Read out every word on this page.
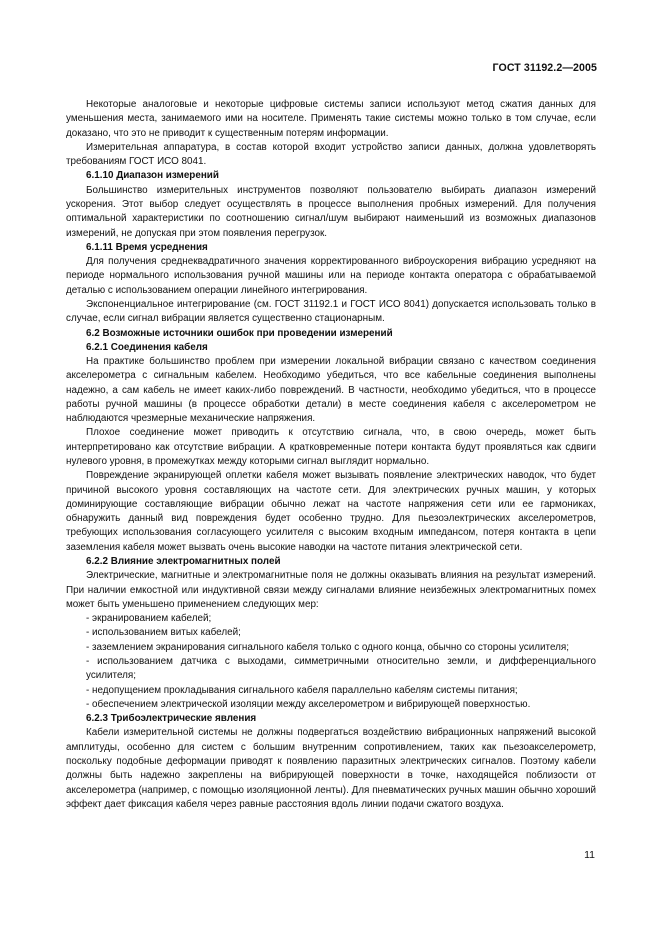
ГОСТ 31192.2—2005

Некоторые аналоговые и некоторые цифровые системы записи используют метод сжатия данных для уменьшения места, занимаемого ими на носителе. Применять такие системы можно только в том случае, если доказано, что это не приводит к существенным потерям информации.

Измерительная аппаратура, в состав которой входит устройство записи данных, должна удовлетворять требованиям ГОСТ ИСО 8041.

6.1.10 Диапазон измерений

Большинство измерительных инструментов позволяют пользователю выбирать диапазон измерений ускорения. Этот выбор следует осуществлять в процессе выполнения пробных измерений. Для получения оптимальной характеристики по соотношению сигнал/шум выбирают наименьший из возможных диапазонов измерений, не допуская при этом появления перегрузок.

6.1.11 Время усреднения

Для получения среднеквадратичного значения корректированного виброускорения вибрацию усредняют на периоде нормального использования ручной машины или на периоде контакта оператора с обрабатываемой деталью с использованием операции линейного интегрирования.

Экспоненциальное интегрирование (см. ГОСТ 31192.1 и ГОСТ ИСО 8041) допускается использовать только в случае, если сигнал вибрации является существенно стационарным.

6.2 Возможные источники ошибок при проведении измерений

6.2.1 Соединения кабеля

На практике большинство проблем при измерении локальной вибрации связано с качеством соединения акселерометра с сигнальным кабелем. Необходимо убедиться, что все кабельные соединения выполнены надежно, а сам кабель не имеет каких-либо повреждений. В частности, необходимо убедиться, что в процессе работы ручной машины (в процессе обработки детали) в месте соединения кабеля с акселерометром не наблюдаются чрезмерные механические напряжения.

Плохое соединение может приводить к отсутствию сигнала, что, в свою очередь, может быть интерпретировано как отсутствие вибрации. А кратковременные потери контакта будут проявляться как сдвиги нулевого уровня, в промежутках между которыми сигнал выглядит нормально.

Повреждение экранирующей оплетки кабеля может вызывать появление электрических наводок, что будет причиной высокого уровня составляющих на частоте сети. Для электрических ручных машин, у которых доминирующие составляющие вибрации обычно лежат на частоте напряжения сети или ее гармониках, обнаружить данный вид повреждения будет особенно трудно. Для пьезоэлектрических акселерометров, требующих использования согласующего усилителя с высоким входным импедансом, потеря контакта в цепи заземления кабеля может вызвать очень высокие наводки на частоте питания электрической сети.

6.2.2 Влияние электромагнитных полей

Электрические, магнитные и электромагнитные поля не должны оказывать влияния на результат измерений. При наличии емкостной или индуктивной связи между сигналами влияние неизбежных электромагнитных помех может быть уменьшено применением следующих мер:

- экранированием кабелей;

- использованием витых кабелей;

- заземлением экранирования сигнального кабеля только с одного конца, обычно со стороны усилителя;

- использованием датчика с выходами, симметричными относительно земли, и дифференциального усилителя;

- недопущением прокладывания сигнального кабеля параллельно кабелям системы питания;

- обеспечением электрической изоляции между акселерометром и вибрирующей поверхностью.

6.2.3 Трибоэлектрические явления

Кабели измерительной системы не должны подвергаться воздействию вибрационных напряжений высокой амплитуды, особенно для систем с большим внутренним сопротивлением, таких как пьезоакселерометр, поскольку подобные деформации приводят к появлению паразитных электрических сигналов. Поэтому кабели должны быть надежно закреплены на вибрирующей поверхности в точке, находящейся поблизости от акселерометра (например, с помощью изоляционной ленты). Для пневматических ручных машин обычно хороший эффект дает фиксация кабеля через равные расстояния вдоль линии подачи сжатого воздуха.

11
